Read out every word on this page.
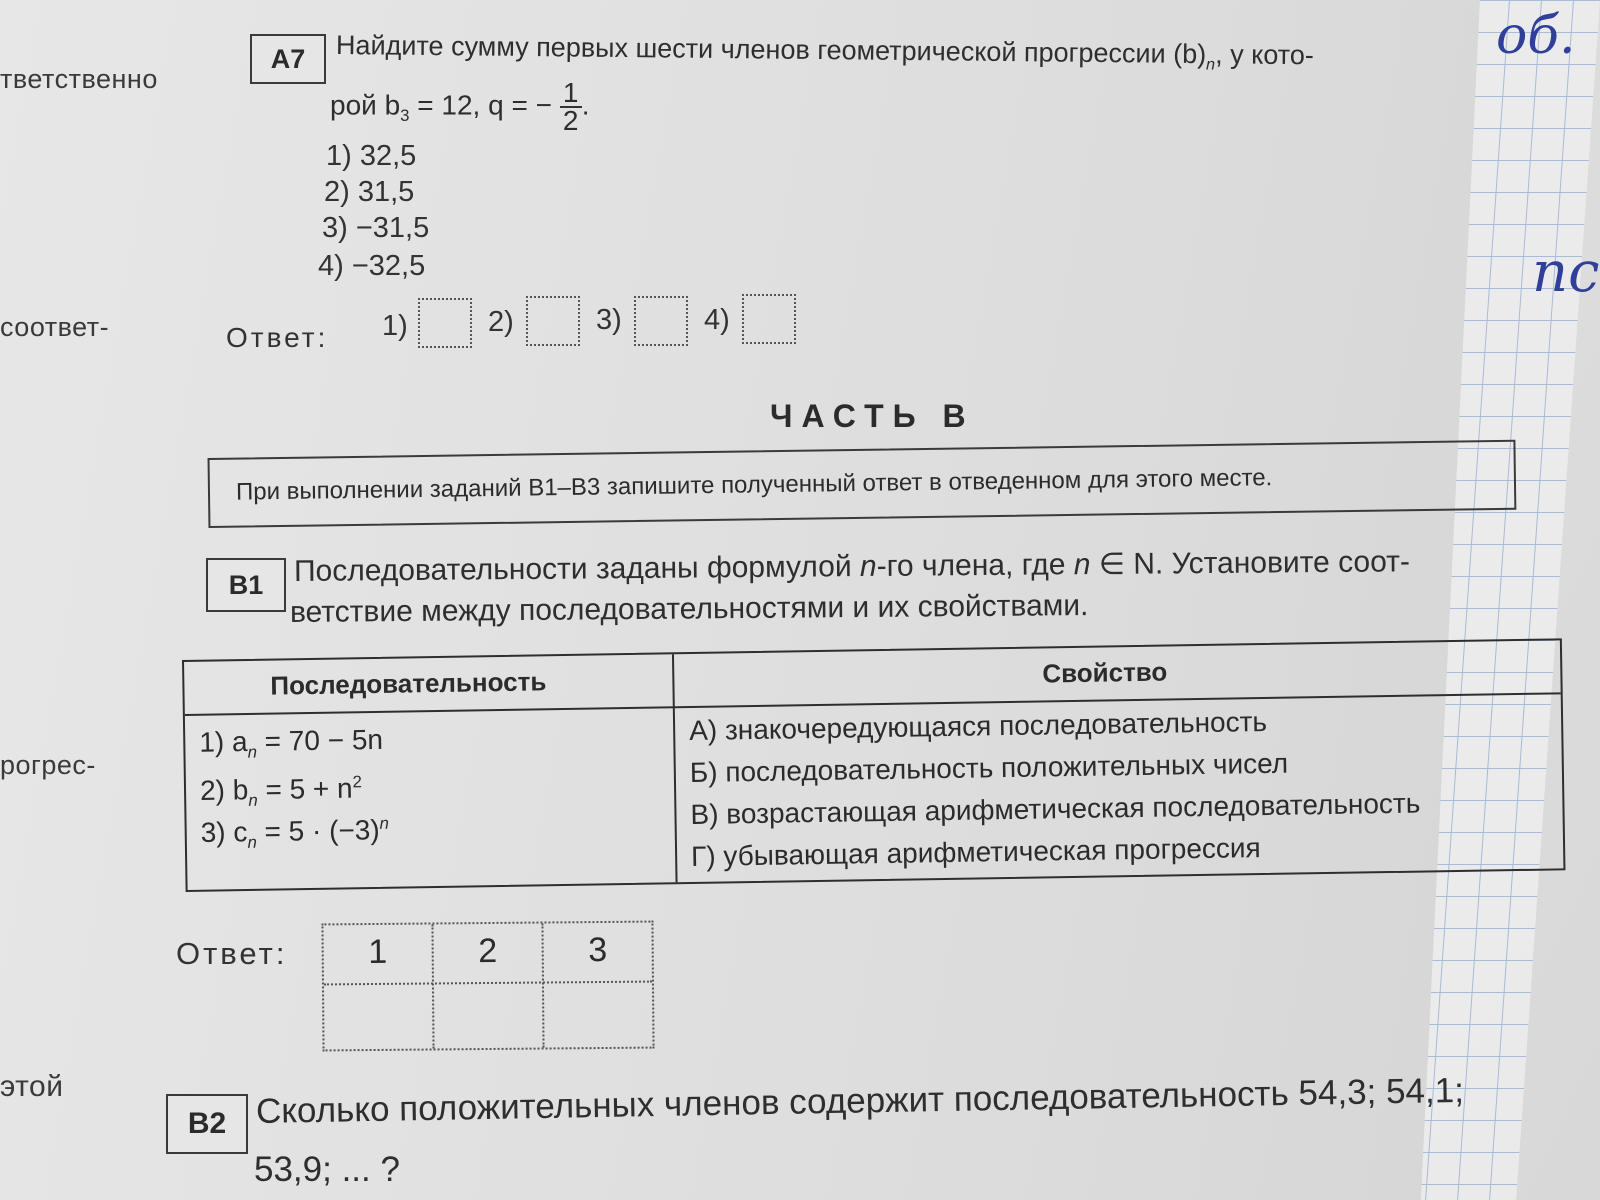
тветственно
соответ-
рогрес-
этой
об.
пс
А7	Найдите сумму первых шести членов геометрической прогрессии $(b)_n$, у кото-
рой $b_3 = 12$, q = − $\frac{1}{2}$ .
1) 32,5
2) 31,5
3) −31,5
4) −32,5
Ответ: 1)	2)	3)	4)
ЧАСТЬ В
При выполнении заданий В1–В3 запишите полученный ответ в отведенном для этого месте.
В1	Последовательности заданы формулой n-го члена, где n ∈ N. Установите соот-
ветствие между последовательностями и их свойствами.
Последовательность	Свойство
1) $a_n = 70 - 5n$
2) $b_n = 5 + n^2$
3) $c_n = 5 \cdot (-3)^n$
А) знакочередующаяся последовательность
Б) последовательность положительных чисел
В) возрастающая арифметическая последовательность
Г) убывающая арифметическая прогрессия
Ответ:	1	2	3
В2 Сколько положительных членов содержит последовательность 54,3; 54,1;
53,9; ... ?
